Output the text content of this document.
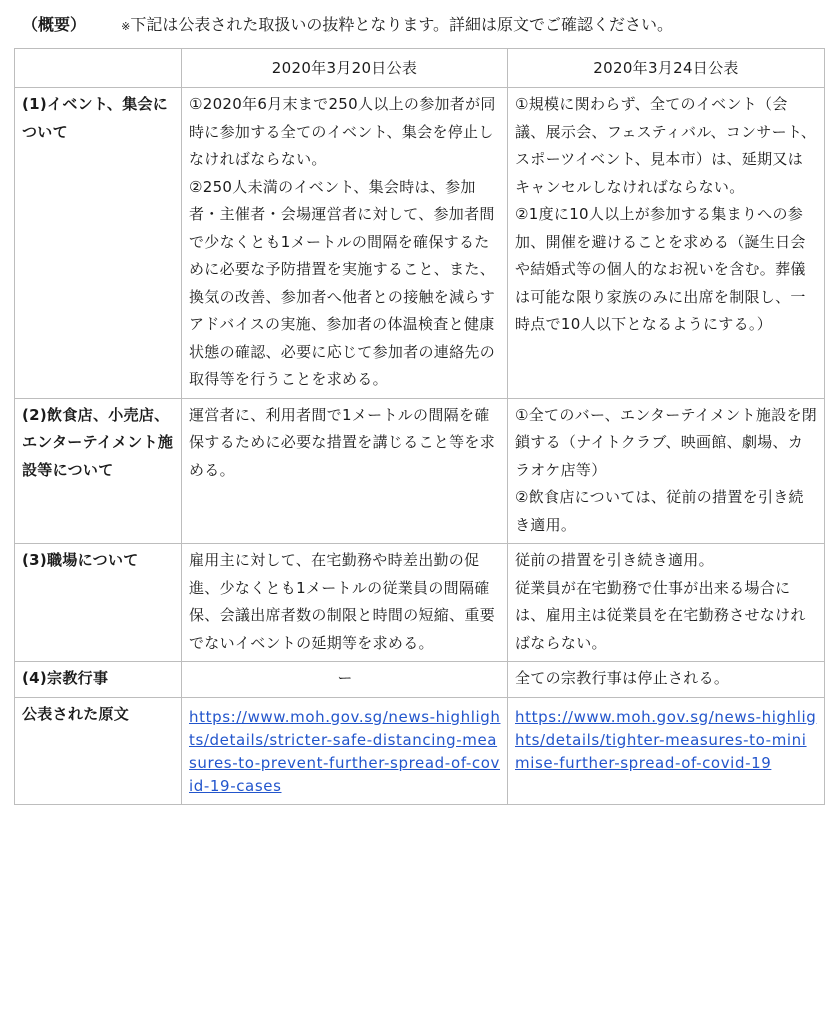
（概要）	※下記は公表された取扱いの抜粋となります。詳細は原文でご確認ください。
	2020年3月20日公表	2020年3月24日公表
(1)イベント、集会について	①2020年6月末まで250人以上の参加者が同時に参加する全てのイベント、集会を停止しなければならない。
②250人未満のイベント、集会時は、参加者・主催者・会場運営者に対して、参加者間で少なくとも1メートルの間隔を確保するために必要な予防措置を実施すること、また、換気の改善、参加者へ他者との接触を減らすアドバイスの実施、参加者の体温検査と健康状態の確認、必要に応じて参加者の連絡先の取得等を行うことを求める。	①規模に関わらず、全てのイベント（会議、展示会、フェスティバル、コンサート、スポーツイベント、見本市）は、延期又はキャンセルしなければならない。
②1度に10人以上が参加する集まりへの参加、開催を避けることを求める（誕生日会や結婚式等の個人的なお祝いを含む。葬儀は可能な限り家族のみに出席を制限し、一時点で10人以下となるようにする。）

(2)飲食店、小売店、エンターテイメント施設等について	運営者に、利用者間で1メートルの間隔を確保するために必要な措置を講じること等を求める。	①全てのバー、エンターテイメント施設を閉鎖する（ナイトクラブ、映画館、劇場、カラオケ店等）
②飲食店については、従前の措置を引き続き適用。

(3)職場について	雇用主に対して、在宅勤務や時差出勤の促進、少なくとも1メートルの従業員の間隔確保、会議出席者数の制限と時間の短縮、重要でないイベントの延期等を求める。	従前の措置を引き続き適用。
従業員が在宅勤務で仕事が出来る場合には、雇用主は従業員を在宅勤務させなければならない。

(4)宗教行事	ー	全ての宗教行事は停止される。
公表された原文	https://www.moh.gov.sg/news-highlights/details/stricter-safe-distancing-measures-to-prevent-further-spread-of-covid-19-cases	https://www.moh.gov.sg/news-highlights/details/tighter-measures-to-minimise-further-spread-of-covid-19
